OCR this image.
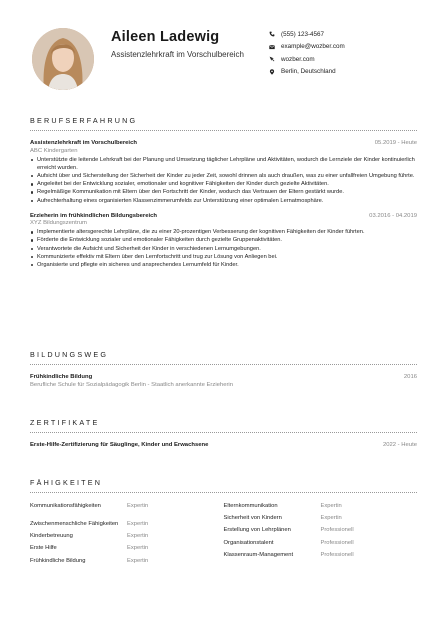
Aileen Ladewig
Assistenzlehrkraft im Vorschulbereich
(555) 123-4567
example@wozber.com
wozber.com
Berlin, Deutschland
BERUFSERFAHRUNG
Assistenzlehrkraft im Vorschulbereich	05.2019 - Heute
ABC Kindergarten
Unterstützte die leitende Lehrkraft bei der Planung und Umsetzung täglicher Lehrpläne und Aktivitäten, wodurch die Lernziele der Kinder kontinuierlich erreicht wurden.
Aufsicht über und Sicherstellung der Sicherheit der Kinder zu jeder Zeit, sowohl drinnen als auch draußen, was zu einer unfallfreien Umgebung führte.
Angeleitet bei der Entwicklung sozialer, emotionaler und kognitiver Fähigkeiten der Kinder durch gezielte Aktivitäten.
Regelmäßige Kommunikation mit Eltern über den Fortschritt der Kinder, wodurch das Vertrauen der Eltern gestärkt wurde.
Aufrechterhaltung eines organisierten Klassenzimmerumfelds zur Unterstützung einer optimalen Lernatmosphäre.
Erzieherin im frühkindlichen Bildungsbereich	03.2016 - 04.2019
XYZ Bildungszentrum
Implementierte altersgerechte Lehrpläne, die zu einer 20-prozentigen Verbesserung der kognitiven Fähigkeiten der Kinder führten.
Förderte die Entwicklung sozialer und emotionaler Fähigkeiten durch gezielte Gruppenaktivitäten.
Verantwortete die Aufsicht und Sicherheit der Kinder in verschiedenen Lernumgebungen.
Kommunizierte effektiv mit Eltern über den Lernfortschritt und trug zur Lösung von Anliegen bei.
Organisierte und pflegte ein sicheres und ansprechendes Lernumfeld für Kinder.
BILDUNGSWEG
Frühkindliche Bildung	2016
Berufliche Schule für Sozialpädagogik Berlin - Staatlich anerkannte Erzieherin
ZERTIFIKATE
Erste-Hilfe-Zertifizierung für Säuglinge, Kinder und Erwachsene	2022 - Heute
FÄHIGKEITEN
Kommunikationsfähigkeiten	Expertin
Zwischenmenschliche Fähigkeiten	Expertin
Kinderbetreuung	Expertin
Erste Hilfe	Expertin
Frühkindliche Bildung	Expertin
Elternkommunikation	Expertin
Sicherheit von Kindern	Expertin
Erstellung von Lehrplänen	Professionell
Organisationstalent	Professionell
Klassenraum-Management	Professionell
